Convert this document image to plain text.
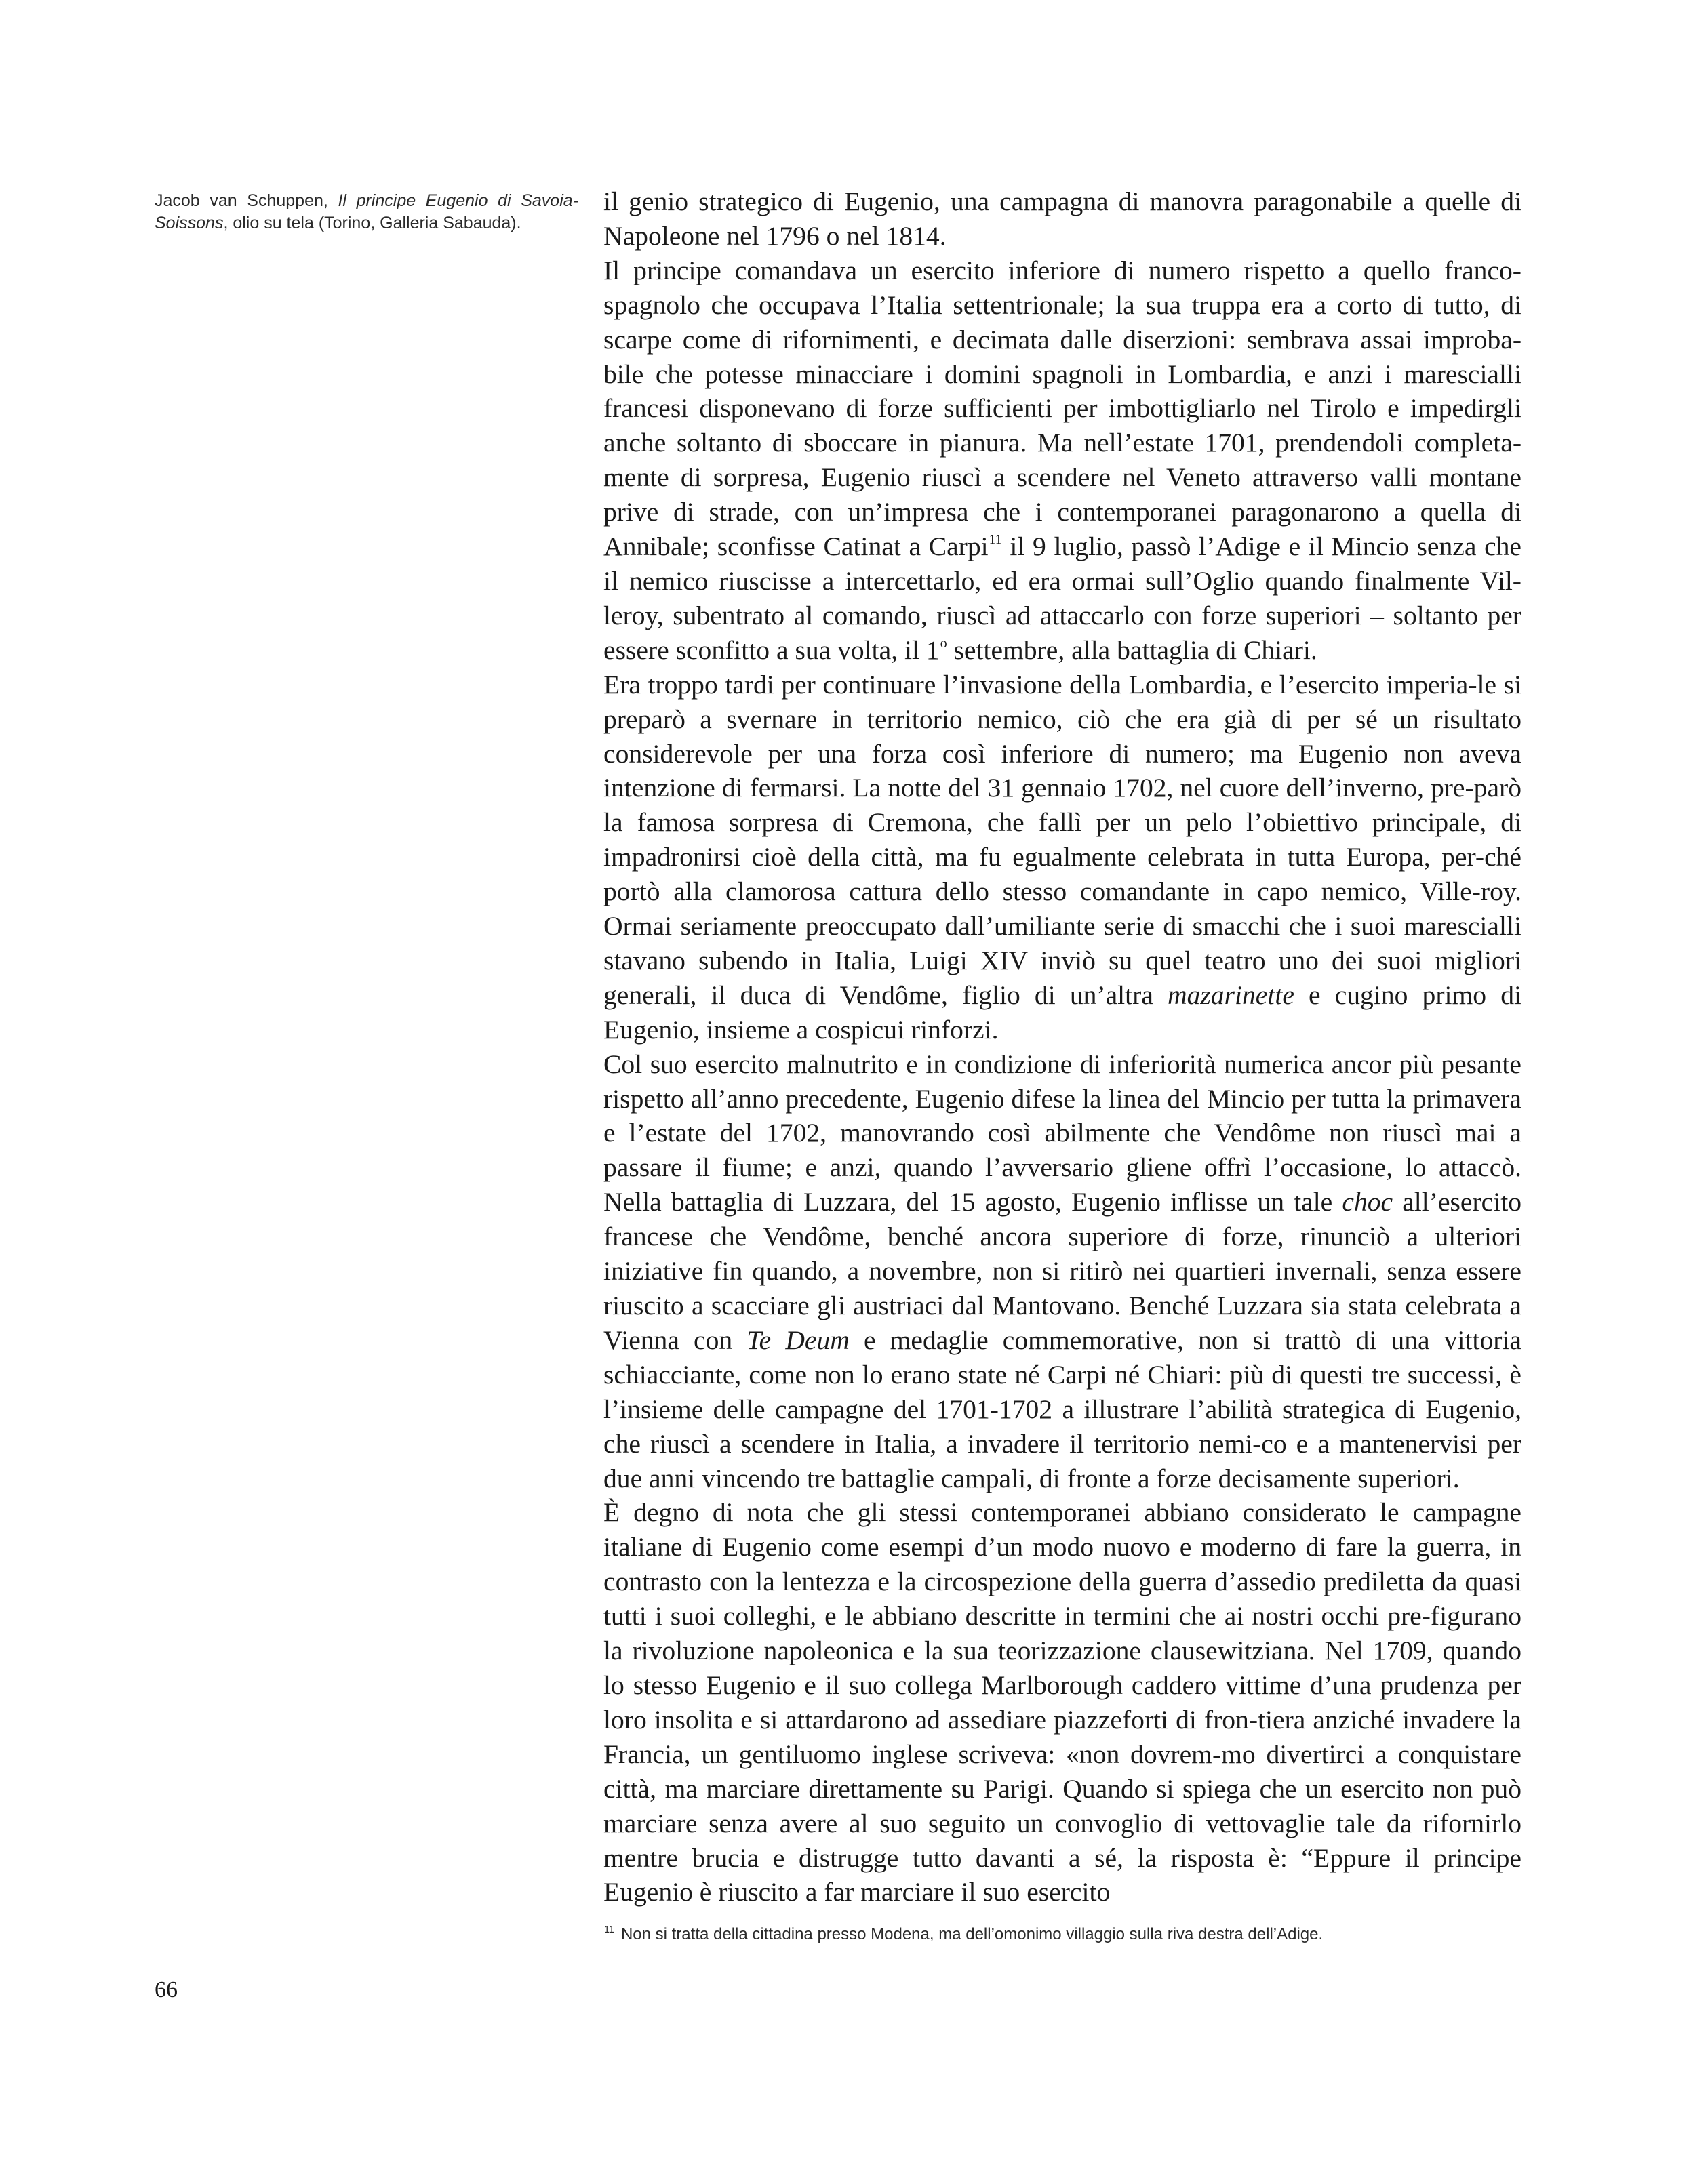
Jacob van Schuppen, Il principe Eugenio di Savoia-Soissons, olio su tela (Torino, Galleria Sabauda).

il genio strategico di Eugenio, una campagna di manovra paragonabile a quelle di Napoleone nel 1796 o nel 1814.

Il principe comandava un esercito inferiore di numero rispetto a quello franco-spagnolo che occupava l’Italia settentrionale; la sua truppa era a corto di tutto, di scarpe come di rifornimenti, e decimata dalle diserzioni: sembrava assai improba-bile che potesse minacciare i domini spagnoli in Lombardia, e anzi i marescialli francesi disponevano di forze sufficienti per imbottigliarlo nel Tirolo e impedirgli anche soltanto di sboccare in pianura. Ma nell’estate 1701, prendendoli completa-mente di sorpresa, Eugenio riuscì a scendere nel Veneto attraverso valli montane prive di strade, con un’impresa che i contemporanei paragonarono a quella di Annibale; sconfisse Catinat a Carpi$^{11}$ il 9 luglio, passò l’Adige e il Mincio senza che il nemico riuscisse a intercettarlo, ed era ormai sull’Oglio quando finalmente Vil-leroy, subentrato al comando, riuscì ad attaccarlo con forze superiori – soltanto per essere sconfitto a sua volta, il 1$^o$ settembre, alla battaglia di Chiari.

Era troppo tardi per continuare l’invasione della Lombardia, e l’esercito imperia-le si preparò a svernare in territorio nemico, ciò che era già di per sé un risultato considerevole per una forza così inferiore di numero; ma Eugenio non aveva intenzione di fermarsi. La notte del 31 gennaio 1702, nel cuore dell’inverno, pre-parò la famosa sorpresa di Cremona, che fallì per un pelo l’obiettivo principale, di impadronirsi cioè della città, ma fu egualmente celebrata in tutta Europa, per-ché portò alla clamorosa cattura dello stesso comandante in capo nemico, Ville-roy. Ormai seriamente preoccupato dall’umiliante serie di smacchi che i suoi marescialli stavano subendo in Italia, Luigi XIV inviò su quel teatro uno dei suoi migliori generali, il duca di Vendôme, figlio di un’altra mazarinette e cugino primo di Eugenio, insieme a cospicui rinforzi.

Col suo esercito malnutrito e in condizione di inferiorità numerica ancor più pesante rispetto all’anno precedente, Eugenio difese la linea del Mincio per tutta la primavera e l’estate del 1702, manovrando così abilmente che Vendôme non riuscì mai a passare il fiume; e anzi, quando l’avversario gliene offrì l’occasione, lo attaccò. Nella battaglia di Luzzara, del 15 agosto, Eugenio inflisse un tale choc all’esercito francese che Vendôme, benché ancora superiore di forze, rinunciò a ulteriori iniziative fin quando, a novembre, non si ritirò nei quartieri invernali, senza essere riuscito a scacciare gli austriaci dal Mantovano. Benché Luzzara sia stata celebrata a Vienna con Te Deum e medaglie commemorative, non si trattò di una vittoria schiacciante, come non lo erano state né Carpi né Chiari: più di questi tre successi, è l’insieme delle campagne del 1701-1702 a illustrare l’abilità strategica di Eugenio, che riuscì a scendere in Italia, a invadere il territorio nemi-co e a mantenervisi per due anni vincendo tre battaglie campali, di fronte a forze decisamente superiori.

È degno di nota che gli stessi contemporanei abbiano considerato le campagne italiane di Eugenio come esempi d’un modo nuovo e moderno di fare la guerra, in contrasto con la lentezza e la circospezione della guerra d’assedio prediletta da quasi tutti i suoi colleghi, e le abbiano descritte in termini che ai nostri occhi pre-figurano la rivoluzione napoleonica e la sua teorizzazione clausewitziana. Nel 1709, quando lo stesso Eugenio e il suo collega Marlborough caddero vittime d’una prudenza per loro insolita e si attardarono ad assediare piazzeforti di fron-tiera anziché invadere la Francia, un gentiluomo inglese scriveva: «non dovrem-mo divertirci a conquistare città, ma marciare direttamente su Parigi. Quando si spiega che un esercito non può marciare senza avere al suo seguito un convoglio di vettovaglie tale da rifornirlo mentre brucia e distrugge tutto davanti a sé, la risposta è: “Eppure il principe Eugenio è riuscito a far marciare il suo esercito

$^{11}$ Non si tratta della cittadina presso Modena, ma dell’omonimo villaggio sulla riva destra dell’Adige.
66
